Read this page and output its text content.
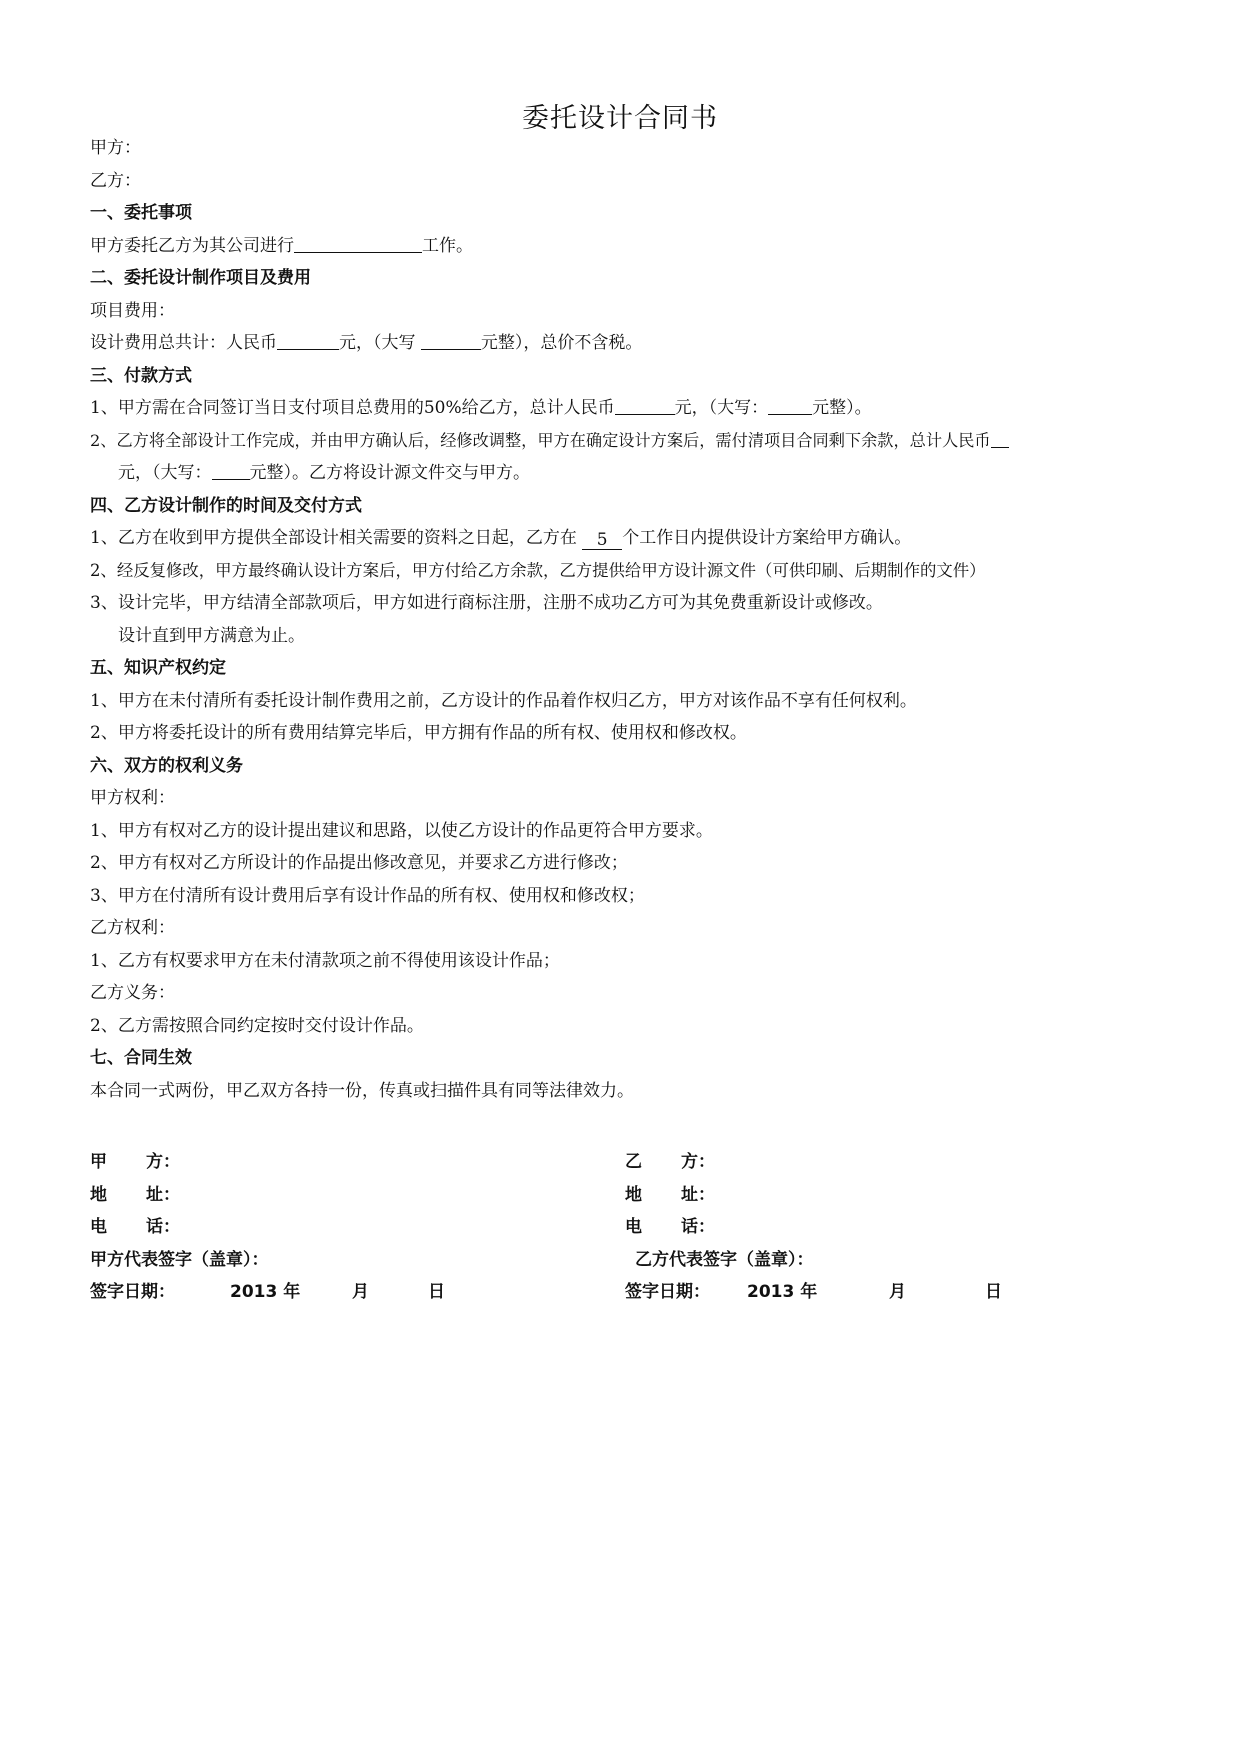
委托设计合同书
甲方：
乙方：
一、委托事项
甲方委托乙方为其公司进行	工作。
二、委托设计制作项目及费用
项目费用：
设计费用总共计：人民币	元，（大写	元整），总价不含税。
三、付款方式
1、甲方需在合同签订当日支付项目总费用的50%给乙方，总计人民币	元，（大写：	元整）。
2、乙方将全部设计工作完成，并由甲方确认后，经修改调整，甲方在确定设计方案后，需付清项目合同剩下余款，总计人民币
元，（大写： 元整）。乙方将设计源文件交与甲方。
四、乙方设计制作的时间及交付方式
1、乙方在收到甲方提供全部设计相关需要的资料之日起，乙方在 5 个工作日内提供设计方案给甲方确认。
2、经反复修改，甲方最终确认设计方案后，甲方付给乙方余款，乙方提供给甲方设计源文件（可供印刷、后期制作的文件）
3、设计完毕，甲方结清全部款项后，甲方如进行商标注册，注册不成功乙方可为其免费重新设计或修改。
设计直到甲方满意为止。
五、知识产权约定
1、甲方在未付清所有委托设计制作费用之前，乙方设计的作品着作权归乙方，甲方对该作品不享有任何权利。
2、甲方将委托设计的所有费用结算完毕后，甲方拥有作品的所有权、使用权和修改权。
六、双方的权利义务
甲方权利：
1、甲方有权对乙方的设计提出建议和思路，以使乙方设计的作品更符合甲方要求。
2、甲方有权对乙方所设计的作品提出修改意见，并要求乙方进行修改；
3、甲方在付清所有设计费用后享有设计作品的所有权、使用权和修改权；
乙方权利：
1、乙方有权要求甲方在未付清款项之前不得使用该设计作品；
乙方义务：
2、乙方需按照合同约定按时交付设计作品。
七、合同生效
本合同一式两份，甲乙双方各持一份，传真或扫描件具有同等法律效力。
甲 方：
地 址：
电 话：
甲方代表签字（盖章）：
签字日期：	2013 年	月	日
乙 方：
地 址：
电 话：
乙方代表签字（盖章）：
签字日期： 2013 年	月	日
